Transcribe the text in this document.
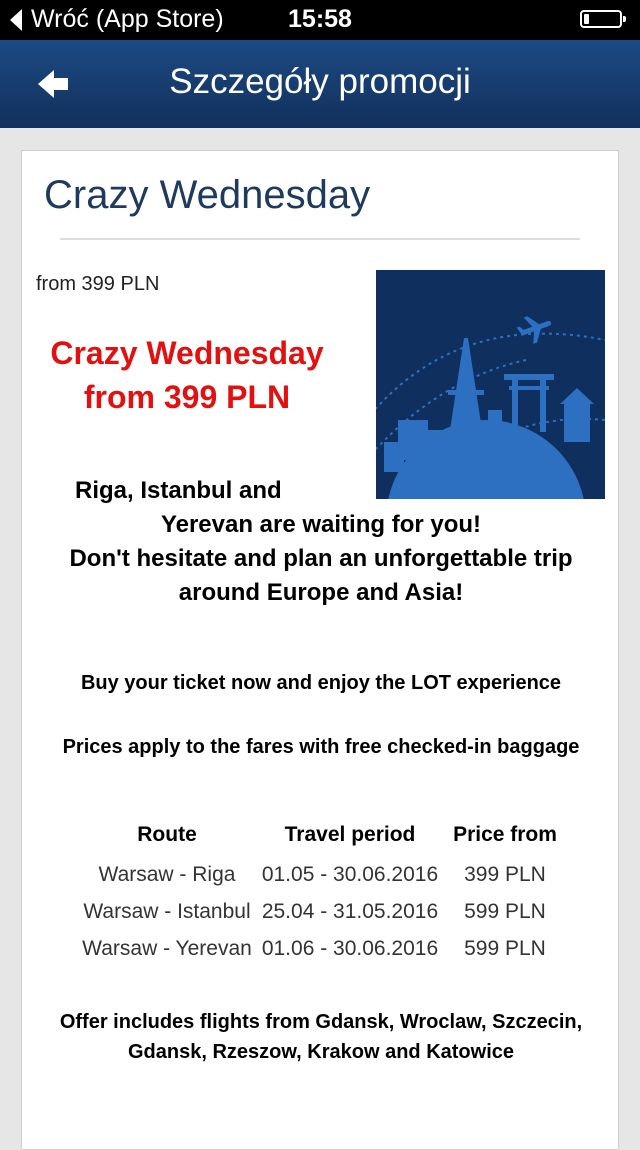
Wróć (App Store)	15:58
Szczegóły promocji
Crazy Wednesday
from 399 PLN
Crazy Wednesday
from 399 PLN
Riga, Istanbul and
Yerevan are waiting for you!
Don't hesitate and plan an unforgettable trip
around Europe and Asia!
Buy your ticket now and enjoy the LOT experience
Prices apply to the fares with free checked-in baggage
Route	Travel period	Price from
Warsaw - Riga	01.05 - 30.06.2016	399 PLN
Warsaw - Istanbul	25.04 - 31.05.2016	599 PLN
Warsaw - Yerevan	01.06 - 30.06.2016	599 PLN
Offer includes flights from Gdansk, Wroclaw, Szczecin, Gdansk, Rzeszow, Krakow and Katowice
